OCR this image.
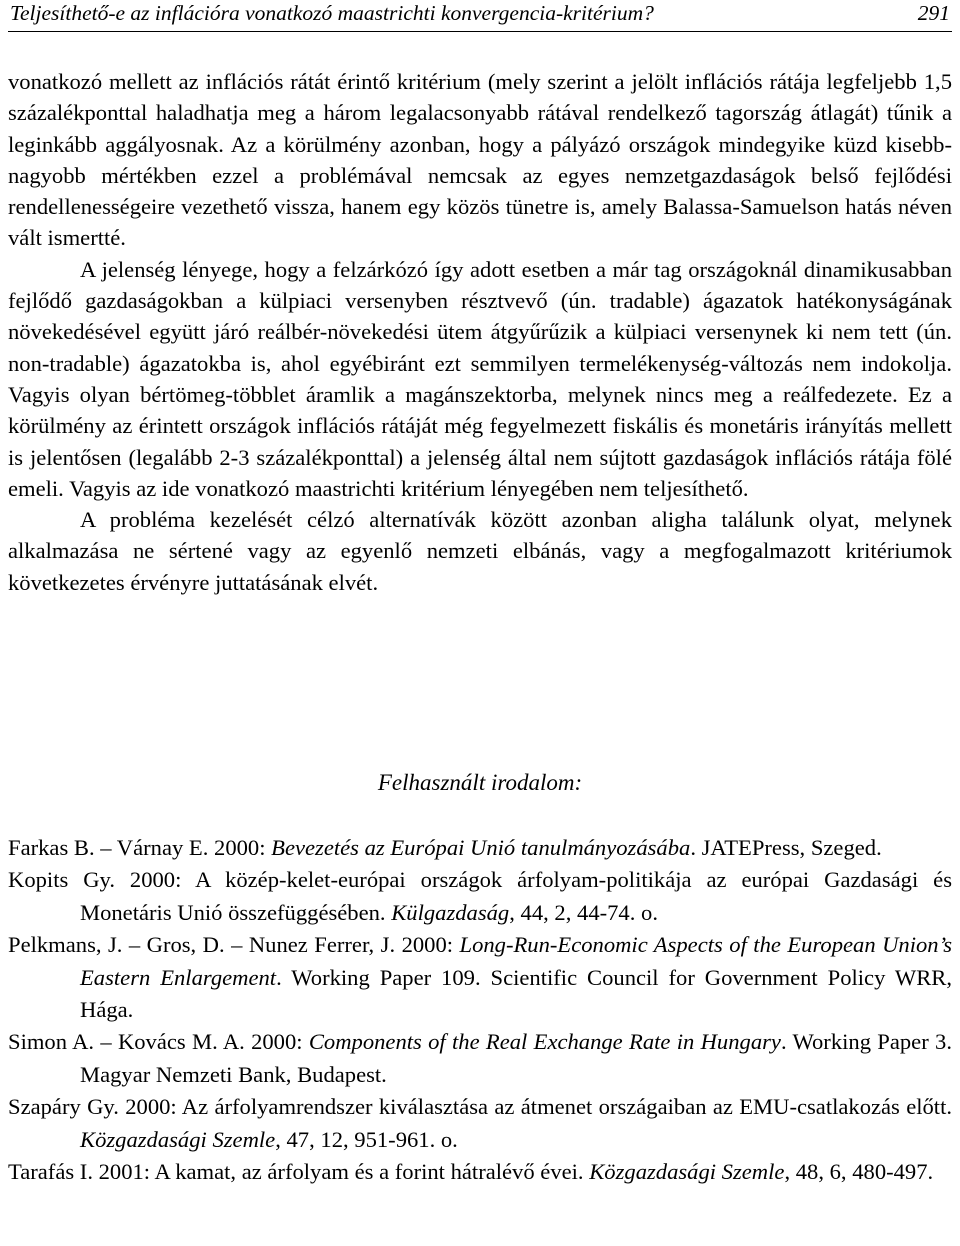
Teljesíthető-e az inflációra vonatkozó maastrichti konvergencia-kritérium?	291

vonatkozó mellett az inflációs rátát érintő kritérium (mely szerint a jelölt inflációs rátája legfeljebb 1,5 százalékponttal haladhatja meg a három legalacsonyabb rátával rendelkező tagország átlagát) tűnik a leginkább aggályosnak. Az a körülmény azonban, hogy a pályázó országok mindegyike küzd kisebb-nagyobb mértékben ezzel a problémával nemcsak az egyes nemzetgazdaságok belső fejlődési rendellenességeire vezethető vissza, hanem egy közös tünetre is, amely Balassa-Samuelson hatás néven vált ismertté.

A jelenség lényege, hogy a felzárkózó így adott esetben a már tag országoknál dinamikusabban fejlődő gazdaságokban a külpiaci versenyben résztvevő (ún. tradable) ágazatok hatékonyságának növekedésével együtt járó reálbér-növekedési ütem átgyűrűzik a külpiaci versenynek ki nem tett (ún. non-tradable) ágazatokba is, ahol egyébiránt ezt semmilyen termelékenység-változás nem indokolja. Vagyis olyan bértömeg-többlet áramlik a magánszektorba, melynek nincs meg a reálfedezete. Ez a körülmény az érintett országok inflációs rátáját még fegyelmezett fiskális és monetáris irányítás mellett is jelentősen (legalább 2-3 százalékponttal) a jelenség által nem sújtott gazdaságok inflációs rátája fölé emeli. Vagyis az ide vonatkozó maastrichti kritérium lényegében nem teljesíthető.

A probléma kezelését célzó alternatívák között azonban aligha találunk olyat, melynek alkalmazása ne sértené vagy az egyenlő nemzeti elbánás, vagy a megfogalmazott kritériumok következetes érvényre juttatásának elvét.

Felhasznált irodalom:

Farkas B. – Várnay E. 2000: Bevezetés az Európai Unió tanulmányozásába. JATEPress, Szeged.

Kopits Gy. 2000: A közép-kelet-európai országok árfolyam-politikája az európai Gazdasági és Monetáris Unió összefüggésében. Külgazdaság, 44, 2, 44-74. o.

Pelkmans, J. – Gros, D. – Nunez Ferrer, J. 2000: Long-Run-Economic Aspects of the European Union’s Eastern Enlargement. Working Paper 109. Scientific Council for Government Policy WRR, Hága.

Simon A. – Kovács M. A. 2000: Components of the Real Exchange Rate in Hungary. Working Paper 3. Magyar Nemzeti Bank, Budapest.

Szapáry Gy. 2000: Az árfolyamrendszer kiválasztása az átmenet országaiban az EMU-csatlakozás előtt. Közgazdasági Szemle, 47, 12, 951-961. o.

Tarafás I. 2001: A kamat, az árfolyam és a forint hátralévő évei. Közgazdasági Szemle, 48, 6, 480-497.
